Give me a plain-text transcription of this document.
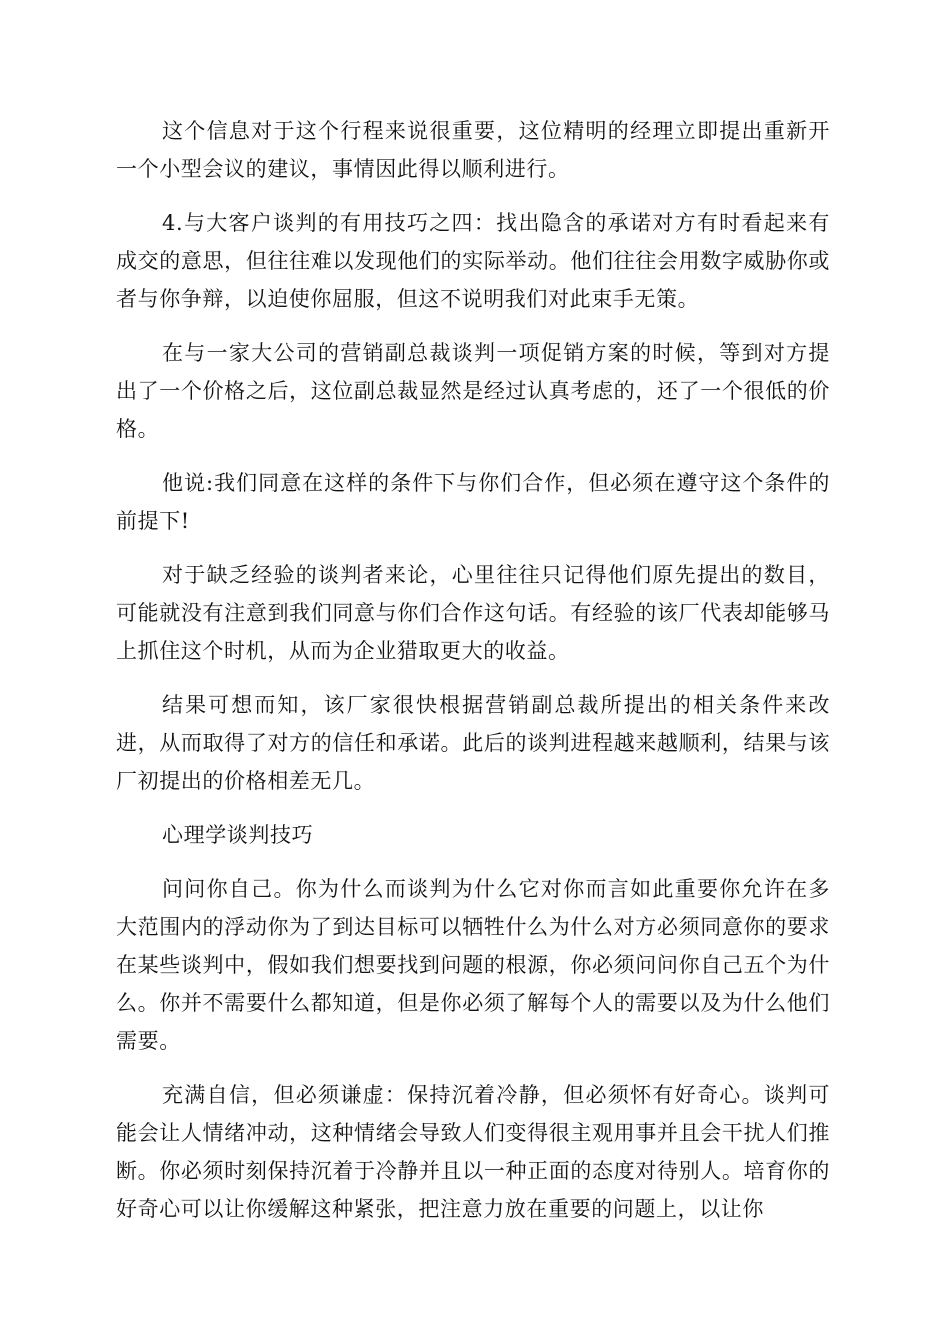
这个信息对于这个行程来说很重要，这位精明的经理立即提出重新开一个小型会议的建议，事情因此得以顺利进行。

4.与大客户谈判的有用技巧之四：找出隐含的承诺对方有时看起来有成交的意思，但往往难以发现他们的实际举动。他们往往会用数字威胁你或者与你争辩，以迫使你屈服，但这不说明我们对此束手无策。

在与一家大公司的营销副总裁谈判一项促销方案的时候，等到对方提出了一个价格之后，这位副总裁显然是经过认真考虑的，还了一个很低的价格。

他说:我们同意在这样的条件下与你们合作，但必须在遵守这个条件的前提下!

对于缺乏经验的谈判者来论，心里往往只记得他们原先提出的数目，可能就没有注意到我们同意与你们合作这句话。有经验的该厂代表却能够马上抓住这个时机，从而为企业猎取更大的收益。

结果可想而知，该厂家很快根据营销副总裁所提出的相关条件来改进，从而取得了对方的信任和承诺。此后的谈判进程越来越顺利，结果与该厂初提出的价格相差无几。

心理学谈判技巧

问问你自己。你为什么而谈判为什么它对你而言如此重要你允许在多大范围内的浮动你为了到达目标可以牺牲什么为什么对方必须同意你的要求在某些谈判中，假如我们想要找到问题的根源，你必须问问你自己五个为什么。你并不需要什么都知道，但是你必须了解每个人的需要以及为什么他们需要。

充满自信，但必须谦虚：保持沉着冷静，但必须怀有好奇心。谈判可能会让人情绪冲动，这种情绪会导致人们变得很主观用事并且会干扰人们推断。你必须时刻保持沉着于冷静并且以一种正面的态度对待别人。培育你的好奇心可以让你缓解这种紧张，把注意力放在重要的问题上，以让你
